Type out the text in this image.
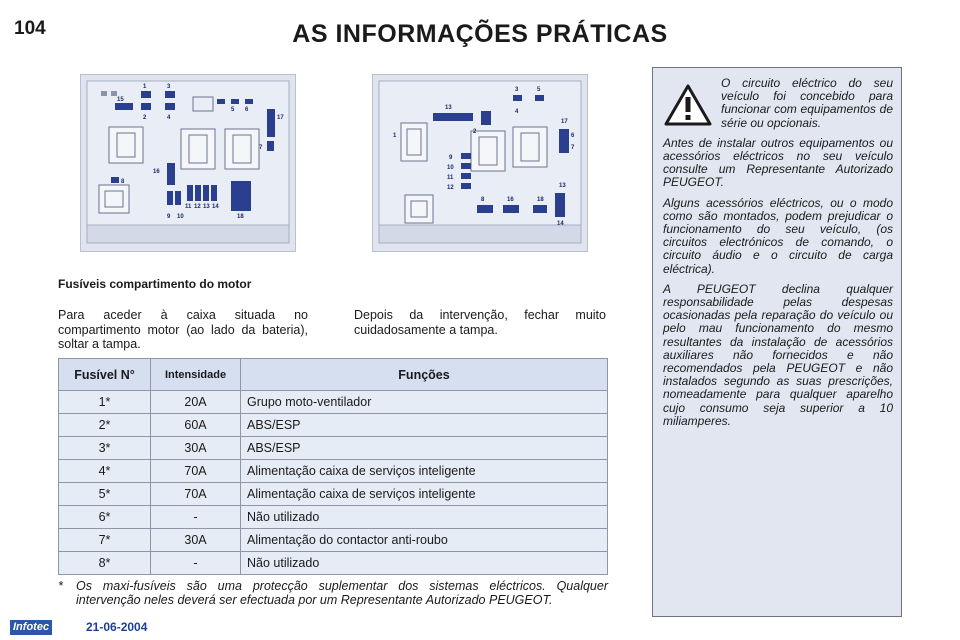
104	AS INFORMAÇÕES PRÁTICAS
1	3
15
2	4
5 6
17
7
16
8
11 12 13 14
9 10	18
3	5
13
2
1
4
17
9
10
11
12
6
7
13
8	16	18
14
Fusíveis compartimento do motor

Para aceder à caixa situada no compartimento motor (ao lado da bateria), soltar a tampa.

Depois da intervenção, fechar muito cuidadosamente a tampa.

Fusível N°	Intensidade	Funções
1*	20A	Grupo moto-ventilador
2*	60A	ABS/ESP
3*	30A	ABS/ESP
4*	70A	Alimentação caixa de serviços inteligente
5*	70A	Alimentação caixa de serviços inteligente
6*	-	Não utilizado
7*	30A	Alimentação do contactor anti-roubo
8*	-	Não utilizado
* Os maxi-fusíveis são uma protecção suplementar dos sistemas eléctricos. Qualquer intervenção neles deverá ser efectuada por um Representante Autorizado PEUGEOT.

O circuito eléctrico do seu veículo foi concebido para funcionar com equipamentos de série ou opcionais.

Antes de instalar outros equipamentos ou acessórios eléctricos no seu veículo consulte um Representante Autorizado PEUGEOT.

Alguns acessórios eléctricos, ou o modo como são montados, podem prejudicar o funcionamento do seu veículo, (os circuitos electrónicos de comando, o circuito áudio e o circuito de carga eléctrica).

A PEUGEOT declina qualquer responsabilidade pelas despesas ocasionadas pela reparação do veículo ou pelo mau funcionamento do mesmo resultantes da instalação de acessórios auxiliares não fornecidos e não recomendados pela PEUGEOT e não instalados segundo as suas prescrições, nomeadamente para qualquer aparelho cujo consumo seja superior a 10 miliamperes.

Infotec	21-06-2004
